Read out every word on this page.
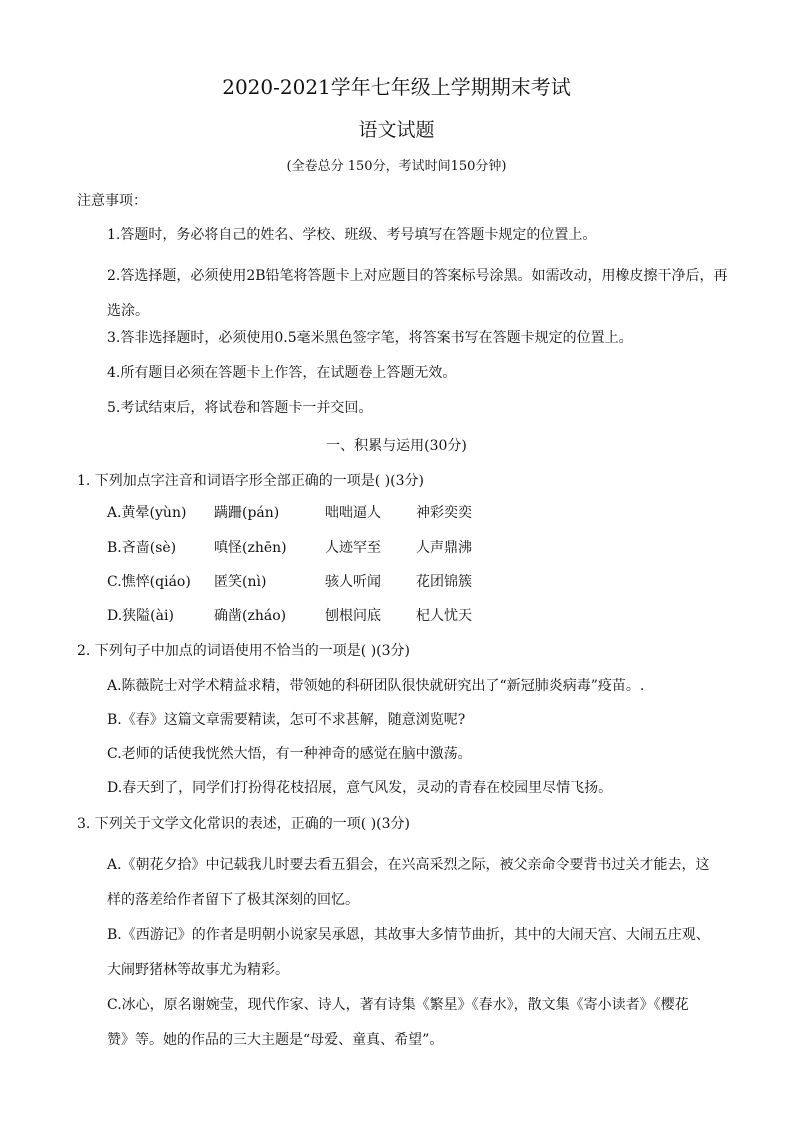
2020-2021学年七年级上学期期末考试
语文试题
(全卷总分 150分，考试时间150分钟)
注意事项：
1.答题时，务必将自己的姓名、学校、班级、考号填写在答题卡规定的位置上。
2.答选择题，必须使用2B铅笔将答题卡上对应题目的答案标号涂黑。如需改动，用橡皮擦干净后，再
选涂。
3.答非选择题时，必须使用0.5毫米黑色签字笔，将答案书写在答题卡规定的位置上。
4.所有题目必须在答题卡上作答，在试题卷上答题无效。
5.考试结束后，将试卷和答题卡一并交回。
一、积累与运用(30分)
1. 下列加点字注音和词语字形全部正确的一项是( )(3分)
A.黄晕(yùn) 蹒跚(pán)	咄咄逼人	神彩奕奕
B.吝啬(sè)	嗔怪(zhēn)	人迹罕至	人声鼎沸
C.憔悴(qiáo) 匿笑(nì)	骇人听闻	花团锦簇
D.狭隘(ài)	确凿(zháo)	刨根问底	杞人忧天
2. 下列句子中加点的词语使用不恰当的一项是( )(3分)
A.陈薇院士对学术精益求精，带领她的科研团队很快就研究出了“新冠肺炎病毒”疫苗。.
B.《春》这篇文章需要精读，怎可不求甚解，随意浏览呢?
C.老师的话使我恍然大悟，有一种神奇的感觉在脑中激荡。
D.春天到了，同学们打扮得花枝招展，意气风发，灵动的青春在校园里尽情飞扬。
3. 下列关于文学文化常识的表述，正确的一项( )(3分)
A.《朝花夕拾》中记载我儿时要去看五猖会，在兴高采烈之际，被父亲命令要背书过关才能去，这
样的落差给作者留下了极其深刻的回忆。
B.《西游记》的作者是明朝小说家吴承恩，其故事大多情节曲折，其中的大闹天宫、大闹五庄观、
大闹野猪林等故事尤为精彩。
C.冰心，原名谢婉莹，现代作家、诗人，著有诗集《繁星》《春水》，散文集《寄小读者》《樱花
赞》等。她的作品的三大主题是“母爱、童真、希望”。
